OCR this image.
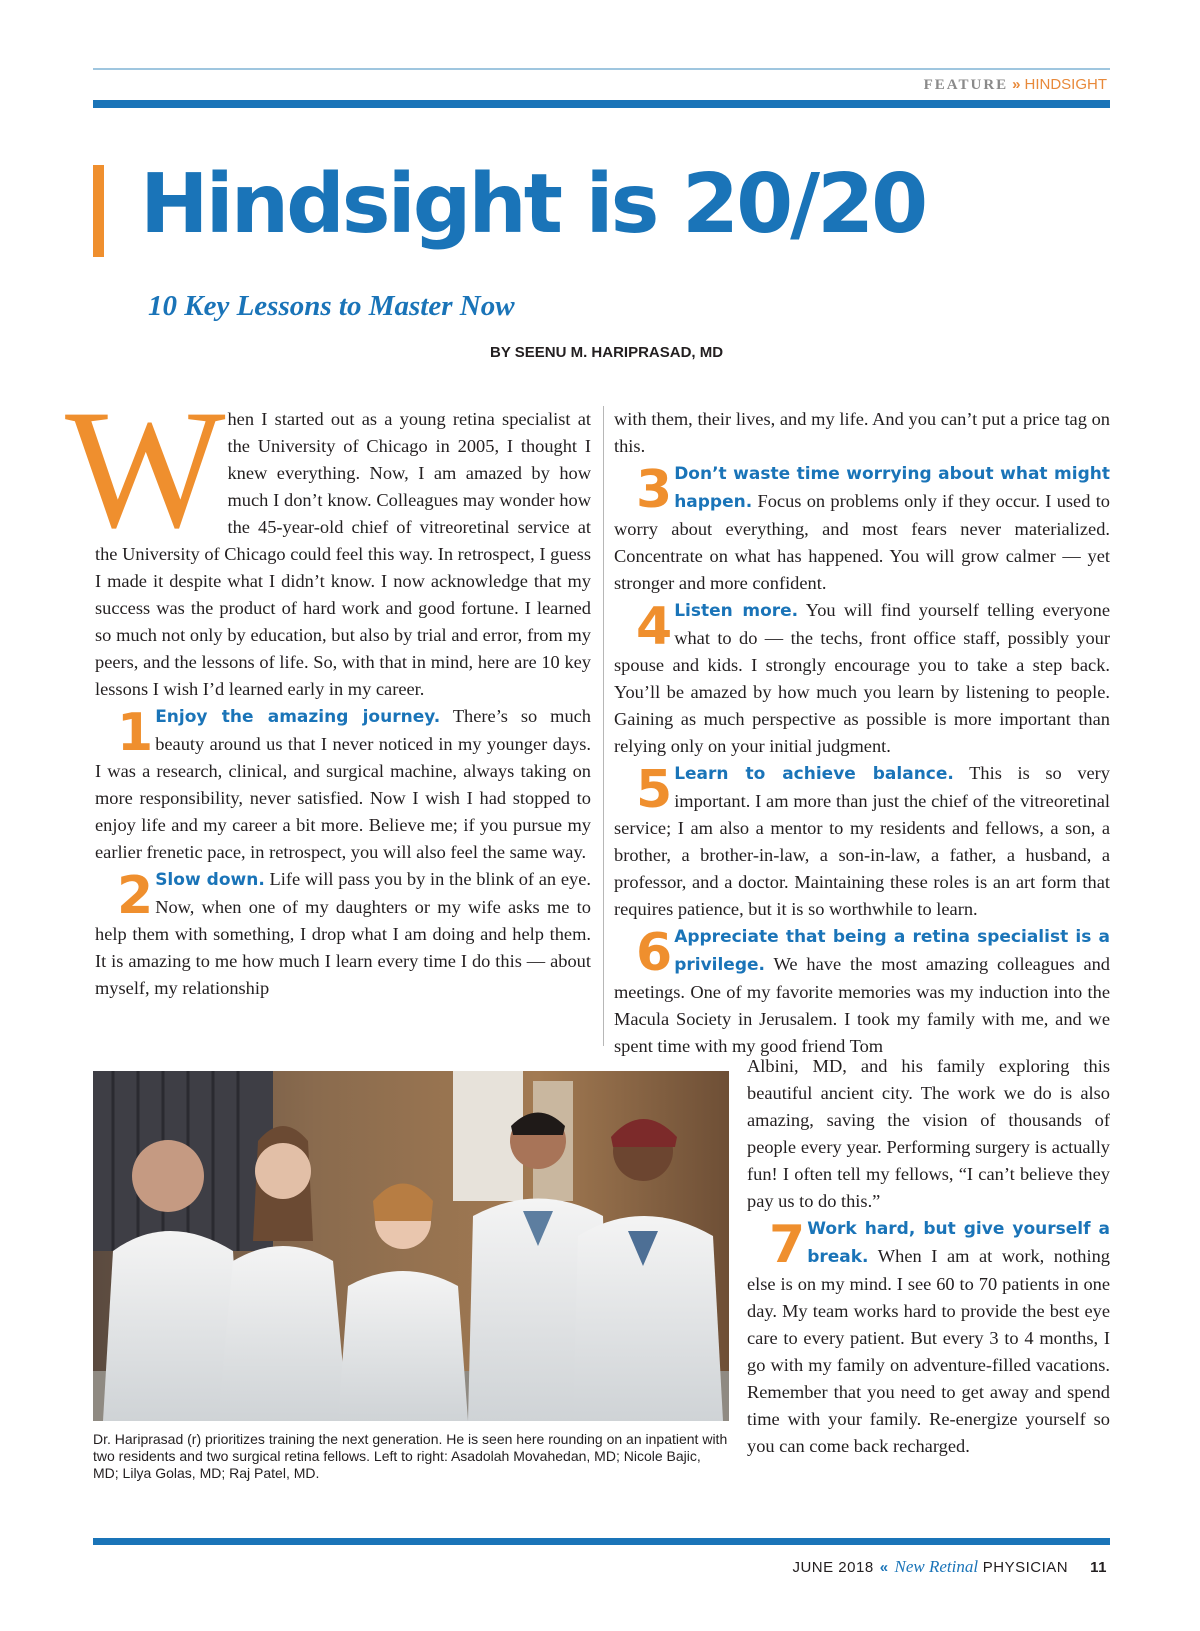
FEATURE » HINDSIGHT
Hindsight is 20/20
10 Key Lessons to Master Now
BY SEENU M. HARIPRASAD, MD

When I started out as a young retina specialist at the University of Chicago in 2005, I thought I knew everything. Now, I am amazed by how much I don’t know. Colleagues may wonder how the 45-year-old chief of vitreoretinal service at the University of Chicago could feel this way. In retrospect, I guess I made it despite what I didn’t know. I now acknowledge that my success was the product of hard work and good fortune. I learned so much not only by education, but also by trial and error, from my peers, and the lessons of life. So, with that in mind, here are 10 key lessons I wish I’d learned early in my career.

1 Enjoy the amazing journey. There’s so much beauty around us that I never noticed in my younger days. I was a research, clinical, and surgical machine, always taking on more responsibility, never satisfied. Now I wish I had stopped to enjoy life and my career a bit more. Believe me; if you pursue my earlier frenetic pace, in retrospect, you will also feel the same way.

2 Slow down. Life will pass you by in the blink of an eye. Now, when one of my daughters or my wife asks me to help them with something, I drop what I am doing and help them. It is amazing to me how much I learn every time I do this — about myself, my relationship

with them, their lives, and my life. And you can’t put a price tag on this.

3 Don’t waste time worrying about what might happen. Focus on problems only if they occur. I used to worry about everything, and most fears never materialized. Concentrate on what has happened. You will grow calmer — yet stronger and more confident.

4 Listen more. You will find yourself telling everyone what to do — the techs, front office staff, possibly your spouse and kids. I strongly encourage you to take a step back. You’ll be amazed by how much you learn by listening to people. Gaining as much perspective as possible is more important than relying only on your initial judgment.

5 Learn to achieve balance. This is so very important. I am more than just the chief of the vitreoretinal service; I am also a mentor to my residents and fellows, a son, a brother, a brother-in-law, a son-in-law, a father, a husband, a professor, and a doctor. Maintaining these roles is an art form that requires patience, but it is so worthwhile to learn.

6 Appreciate that being a retina specialist is a privilege. We have the most amazing colleagues and meetings. One of my favorite memories was my induction into the Macula Society in Jerusalem. I took my family with me, and we spent time with my good friend Tom

Albini, MD, and his family exploring this beautiful ancient city. The work we do is also amazing, saving the vision of thousands of people every year. Performing surgery is actually fun! I often tell my fellows, “I can’t believe they pay us to do this.”

7 Work hard, but give yourself a break. When I am at work, nothing else is on my mind. I see 60 to 70 patients in one day. My team works hard to provide the best eye care to every patient. But every 3 to 4 months, I go with my family on adventure-filled vacations. Remember that you need to get away and spend time with your family. Re-energize yourself so you can come back recharged.

Dr. Hariprasad (r) prioritizes training the next generation. He is seen here rounding on an inpatient with two residents and two surgical retina fellows. Left to right: Asadolah Movahedan, MD; Nicole Bajic, MD; Lilya Golas, MD; Raj Patel, MD.
JUNE 2018 « New Retinal PHYSICIAN 11
